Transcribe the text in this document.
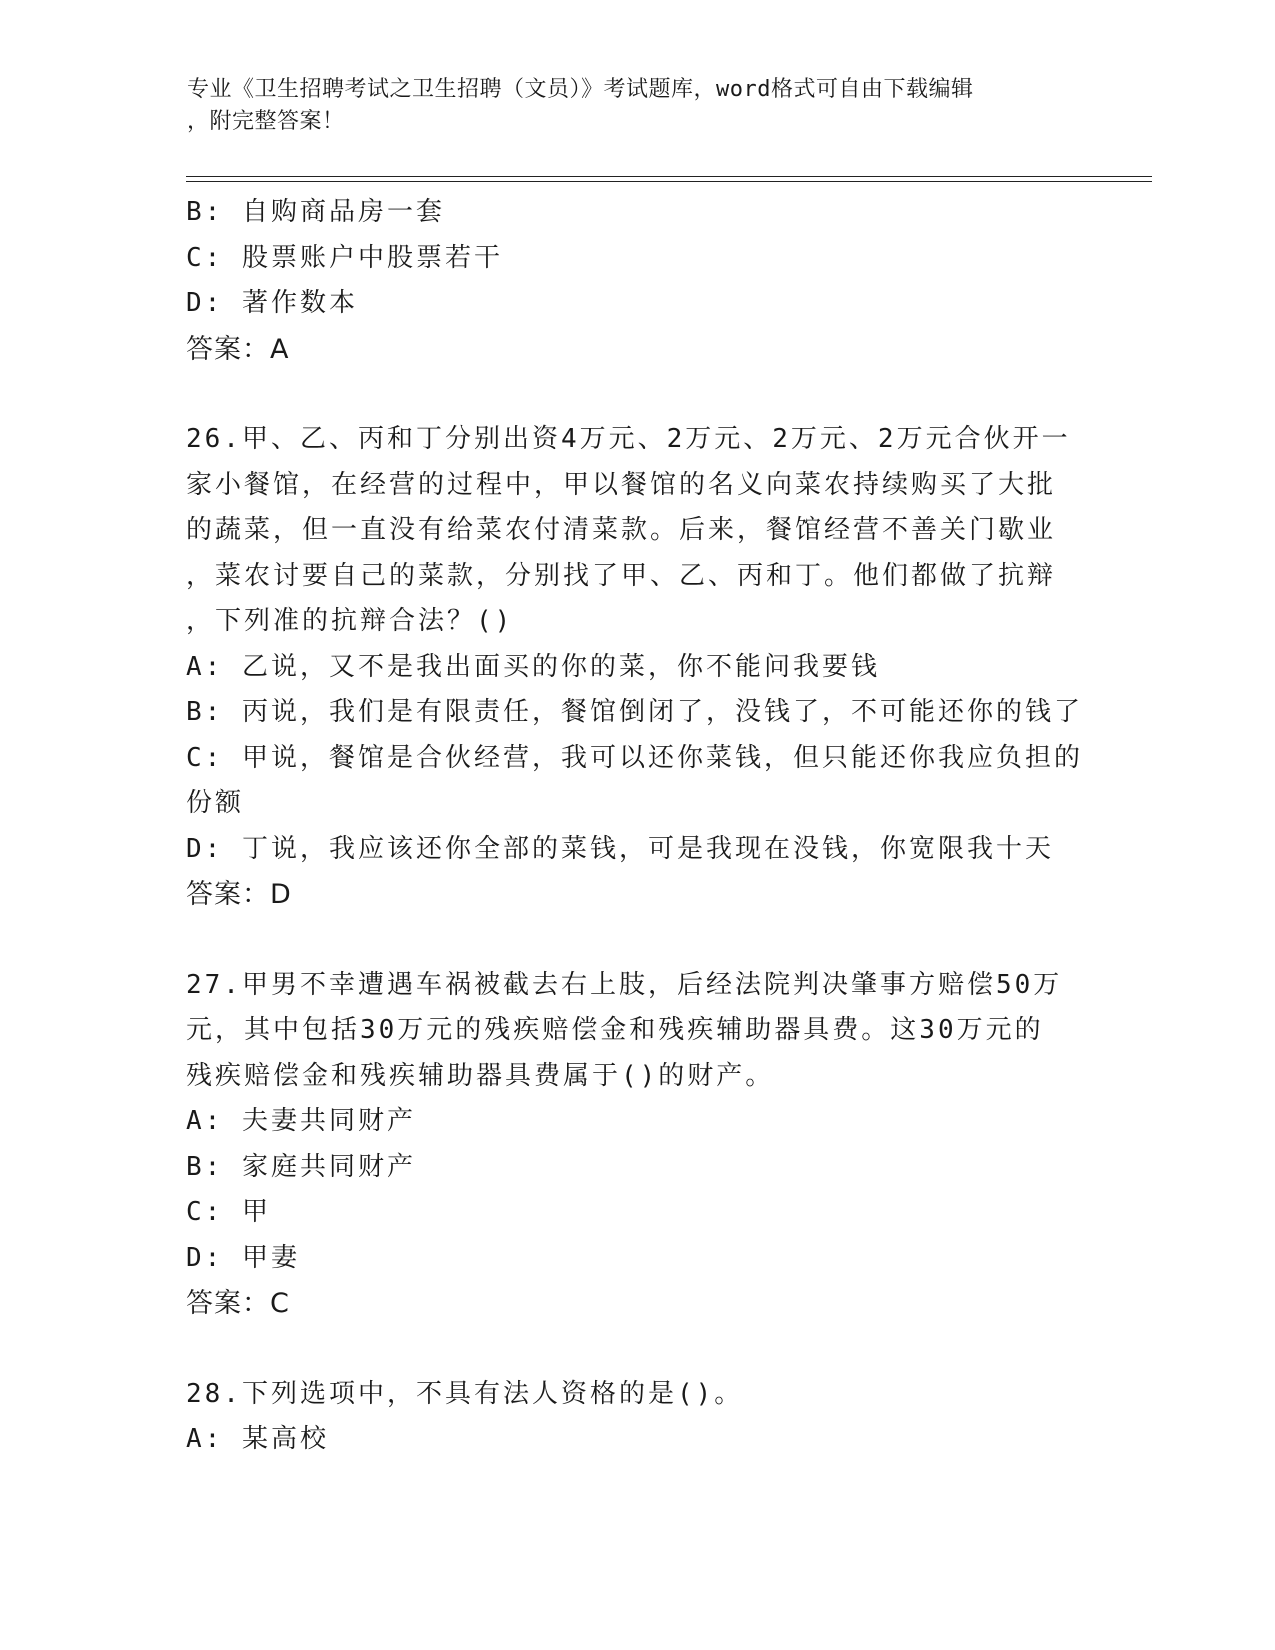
专业《卫生招聘考试之卫生招聘（文员）》考试题库，word格式可自由下载编辑
，附完整答案！
B: 自购商品房一套
C: 股票账户中股票若干
D: 著作数本
答案：A
26.甲、乙、丙和丁分别出资4万元、2万元、2万元、2万元合伙开一
家小餐馆，在经营的过程中，甲以餐馆的名义向菜农持续购买了大批
的蔬菜，但一直没有给菜农付清菜款。后来，餐馆经营不善关门歇业
，菜农讨要自己的菜款，分别找了甲、乙、丙和丁。他们都做了抗辩
，下列准的抗辩合法？()
A: 乙说，又不是我出面买的你的菜，你不能问我要钱
B: 丙说，我们是有限责任，餐馆倒闭了，没钱了，不可能还你的钱了
C: 甲说，餐馆是合伙经营，我可以还你菜钱，但只能还你我应负担的
份额
D: 丁说，我应该还你全部的菜钱，可是我现在没钱，你宽限我十天
答案：D
27.甲男不幸遭遇车祸被截去右上肢，后经法院判决肇事方赔偿50万
元，其中包括30万元的残疾赔偿金和残疾辅助器具费。这30万元的
残疾赔偿金和残疾辅助器具费属于()的财产。
A: 夫妻共同财产
B: 家庭共同财产
C: 甲
D: 甲妻
答案：C
28.下列选项中，不具有法人资格的是()。
A: 某高校
